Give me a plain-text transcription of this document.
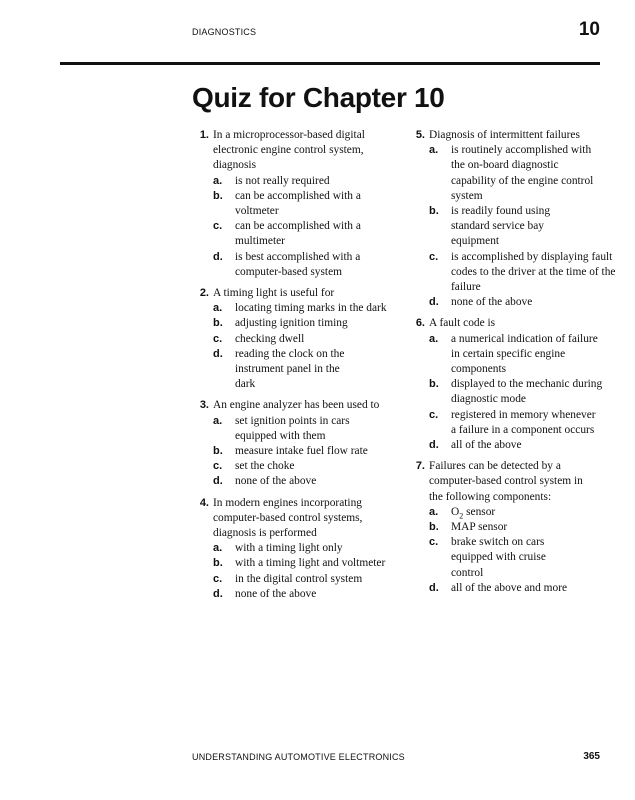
DIAGNOSTICS	10
Quiz for Chapter 10
1. In a microprocessor-based digital electronic engine control system, diagnosis
a. is not really required
b. can be accomplished with a voltmeter
c. can be accomplished with a multimeter
d. is best accomplished with a computer-based system
2. A timing light is useful for
a. locating timing marks in the dark
b. adjusting ignition timing
c. checking dwell
d. reading the clock on the instrument panel in the dark
3. An engine analyzer has been used to
a. set ignition points in cars equipped with them
b. measure intake fuel flow rate
c. set the choke
d. none of the above
4. In modern engines incorporating computer-based control systems, diagnosis is performed
a. with a timing light only
b. with a timing light and voltmeter
c. in the digital control system
d. none of the above
5. Diagnosis of intermittent failures
a. is routinely accomplished with the on-board diagnostic capability of the engine control system
b. is readily found using standard service bay equipment
c. is accomplished by displaying fault codes to the driver at the time of the failure
d. none of the above
6. A fault code is
a. a numerical indication of failure in certain specific engine components
b. displayed to the mechanic during diagnostic mode
c. registered in memory whenever a failure in a component occurs
d. all of the above
7. Failures can be detected by a computer-based control system in the following components:
a. $O_2$ sensor
b. MAP sensor
c. brake switch on cars equipped with cruise control
d. all of the above and more
UNDERSTANDING AUTOMOTIVE ELECTRONICS	365
